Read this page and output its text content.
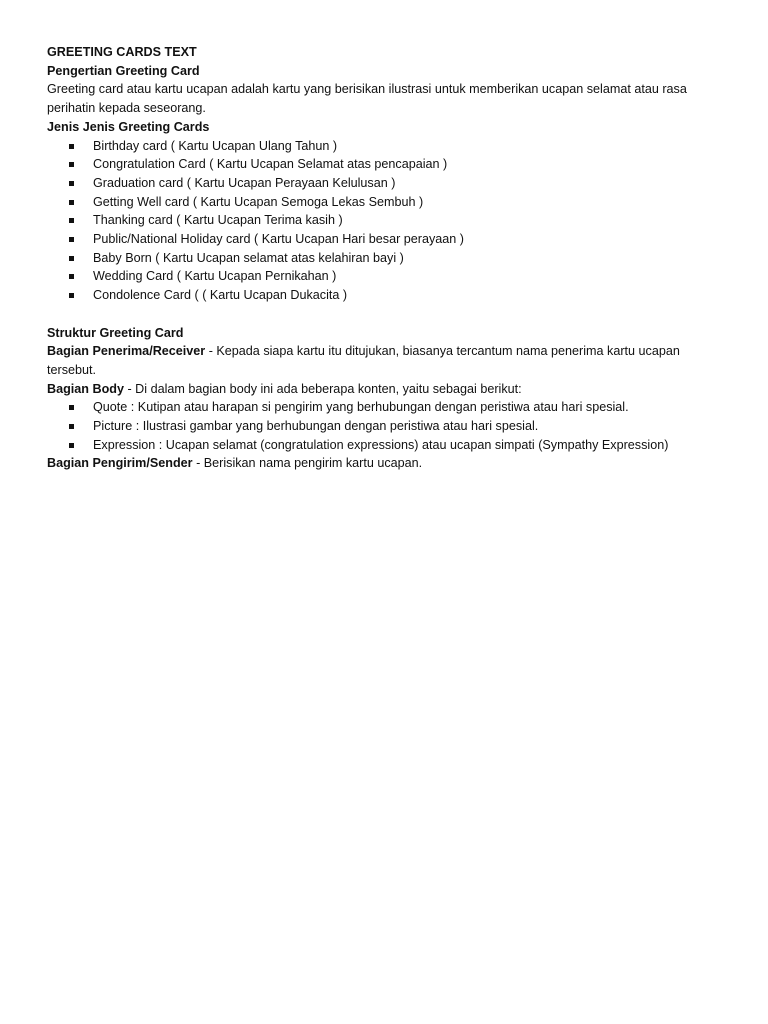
GREETING CARDS TEXT

Pengertian Greeting Card

Greeting card atau kartu ucapan adalah kartu yang berisikan ilustrasi untuk memberikan ucapan selamat atau rasa perihatin kepada seseorang.

Jenis Jenis Greeting Cards

Birthday card ( Kartu Ucapan Ulang Tahun )
Congratulation Card ( Kartu Ucapan Selamat atas pencapaian )
Graduation card ( Kartu Ucapan Perayaan Kelulusan )
Getting Well card ( Kartu Ucapan Semoga Lekas Sembuh )
Thanking card ( Kartu Ucapan Terima kasih )
Public/National Holiday card ( Kartu Ucapan Hari besar perayaan )
Baby Born ( Kartu Ucapan selamat atas kelahiran bayi )
Wedding Card ( Kartu Ucapan Pernikahan )
Condolence Card ( ( Kartu Ucapan Dukacita )

Struktur Greeting Card

Bagian Penerima/Receiver - Kepada siapa kartu itu ditujukan, biasanya tercantum nama penerima kartu ucapan tersebut.

Bagian Body - Di dalam bagian body ini ada beberapa konten, yaitu sebagai berikut:

Quote : Kutipan atau harapan si pengirim yang berhubungan dengan peristiwa atau hari spesial.
Picture : Ilustrasi gambar yang berhubungan dengan peristiwa atau hari spesial.
Expression : Ucapan selamat (congratulation expressions) atau ucapan simpati (Sympathy Expression)

Bagian Pengirim/Sender - Berisikan nama pengirim kartu ucapan.
